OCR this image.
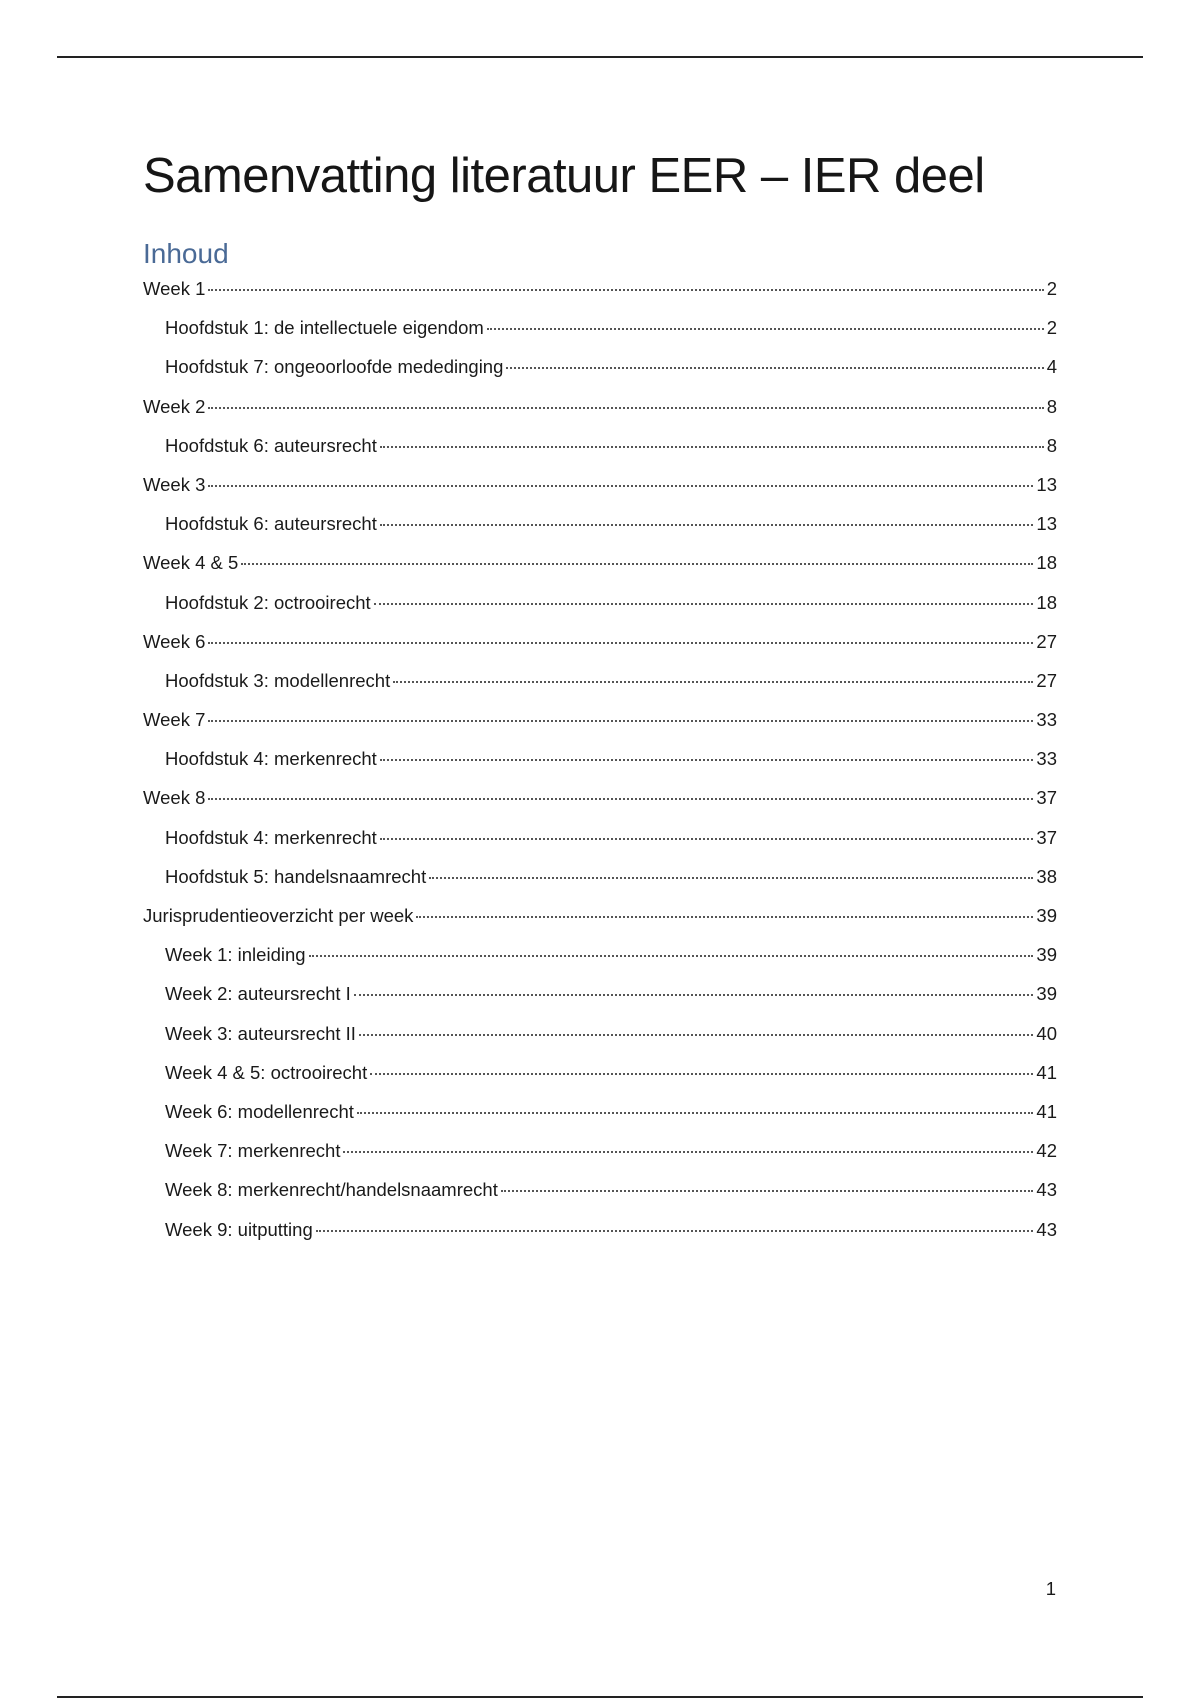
Samenvatting literatuur EER – IER deel
Inhoud
Week 1	2
Hoofdstuk 1: de intellectuele eigendom	2
Hoofdstuk 7: ongeoorloofde mededinging	4
Week 2	8
Hoofdstuk 6: auteursrecht	8
Week 3	13
Hoofdstuk 6: auteursrecht	13
Week 4 & 5	18
Hoofdstuk 2: octrooirecht	18
Week 6	27
Hoofdstuk 3: modellenrecht	27
Week 7	33
Hoofdstuk 4: merkenrecht	33
Week 8	37
Hoofdstuk 4: merkenrecht	37
Hoofdstuk 5: handelsnaamrecht	38
Jurisprudentieoverzicht per week	39
Week 1: inleiding	39
Week 2: auteursrecht I	39
Week 3: auteursrecht II	40
Week 4 & 5: octrooirecht	41
Week 6: modellenrecht	41
Week 7: merkenrecht	42
Week 8: merkenrecht/handelsnaamrecht	43
Week 9: uitputting	43
1
